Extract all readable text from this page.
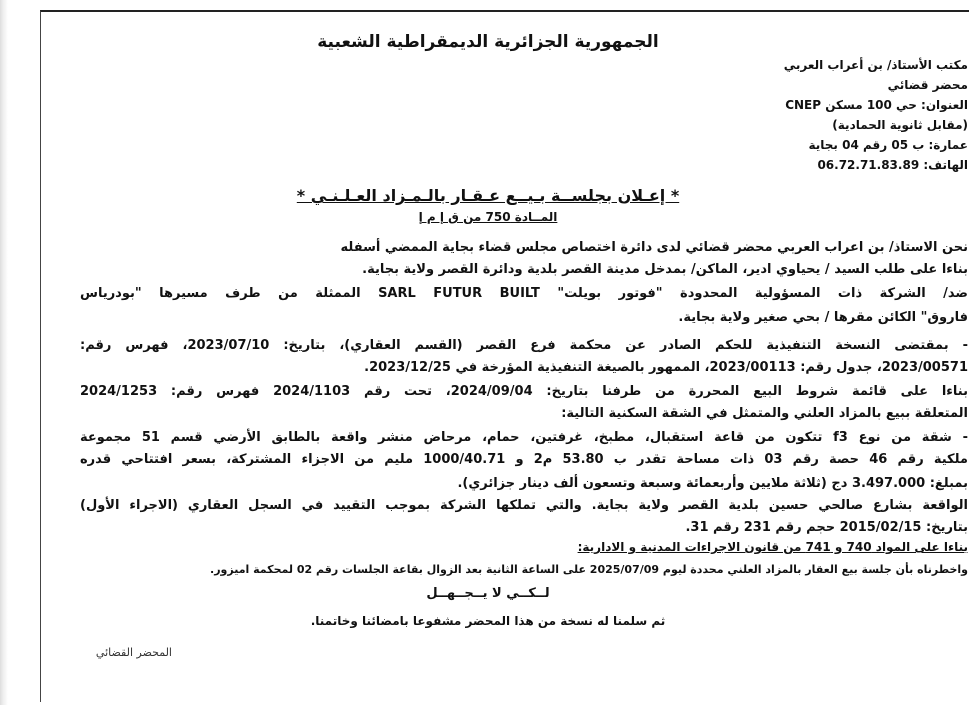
الجمهورية الجزائرية الديمقراطية الشعبية
مكتب الأستاذ/ بن أعراب العربي
محضر قضائي
العنوان: حي 100 مسكن CNEP
(مقابل ثانوية الحمادية)
عمارة: ب 05 رقم 04 بجاية
الهاتف: 06.72.71.83.89
* إعـلان بجلســة بـيــع عـقـار بالـمـزاد العـلـنـي *
المــادة 750 من ق إ م إ
نحن الاستاذ/ بن اعراب العربي محضر قضائي لدى دائرة اختصاص مجلس قضاء بجاية الممضي أسفله
بناءا على طلب السيد / يحياوي ادير، الماكن/ بمدخل مدينة القصر بلدية ودائرة القصر ولاية بجاية.
ضد/ الشركة ذات المسؤولية المحدودة "فوتور بويلت" SARL FUTUR BUILT الممثلة من طرف مسيرها "بودرياس
فاروق" الكائن مقرها / بحي صغير ولاية بجاية.
- بمقتضى النسخة التنفيذية للحكم الصادر عن محكمة فرع القصر (القسم العقاري)، بتاريخ: 2023/07/10، فهرس رقم:
2023/00571، جدول رقم: 2023/00113، الممهور بالصيغة التنفيذية المؤرخة في 2023/12/25.
بناءا على قائمة شروط البيع المحررة من طرفنا بتاريخ: 2024/09/04، تحت رقم 2024/1103 فهرس رقم: 2024/1253
المتعلقة ببيع بالمزاد العلني والمتمثل في الشقة السكنية التالية:
- شقة من نوع f3 تتكون من قاعة استقبال، مطبخ، غرفتين، حمام، مرحاض منشر واقعة بالطابق الأرضي قسم 51 مجموعة
ملكية رقم 46 حصة رقم 03 ذات مساحة تقدر ب 53.80 م2 و 1000/40.71 مليم من الاجزاء المشتركة، بسعر افتتاحي قدره
بمبلغ: 3.497.000 دج (ثلاثة ملايين وأربعمائة وسبعة وتسعون ألف دينار جزائري).
الواقعة بشارع صالحي حسين بلدية القصر ولاية بجاية. والتي تملكها الشركة بموجب التقييد في السجل العقاري (الاجراء الأول)
بتاريخ: 2015/02/15 حجم رقم 231 رقم 31.
بناءا على المواد 740 و 741 من قانون الاجراءات المدنية و الادارية:
واخطرناه بأن جلسة بيع العقار بالمزاد العلني محددة ليوم 2025/07/09 على الساعة الثانية بعد الزوال بقاعة الجلسات رقم 02 لمحكمة اميزور.
لــكــي لا يــجــهــل
ثم سلمنا له نسخة من هذا المحضر مشفوعا بامضائنا وخاتمنا.
المحضر القضائي
